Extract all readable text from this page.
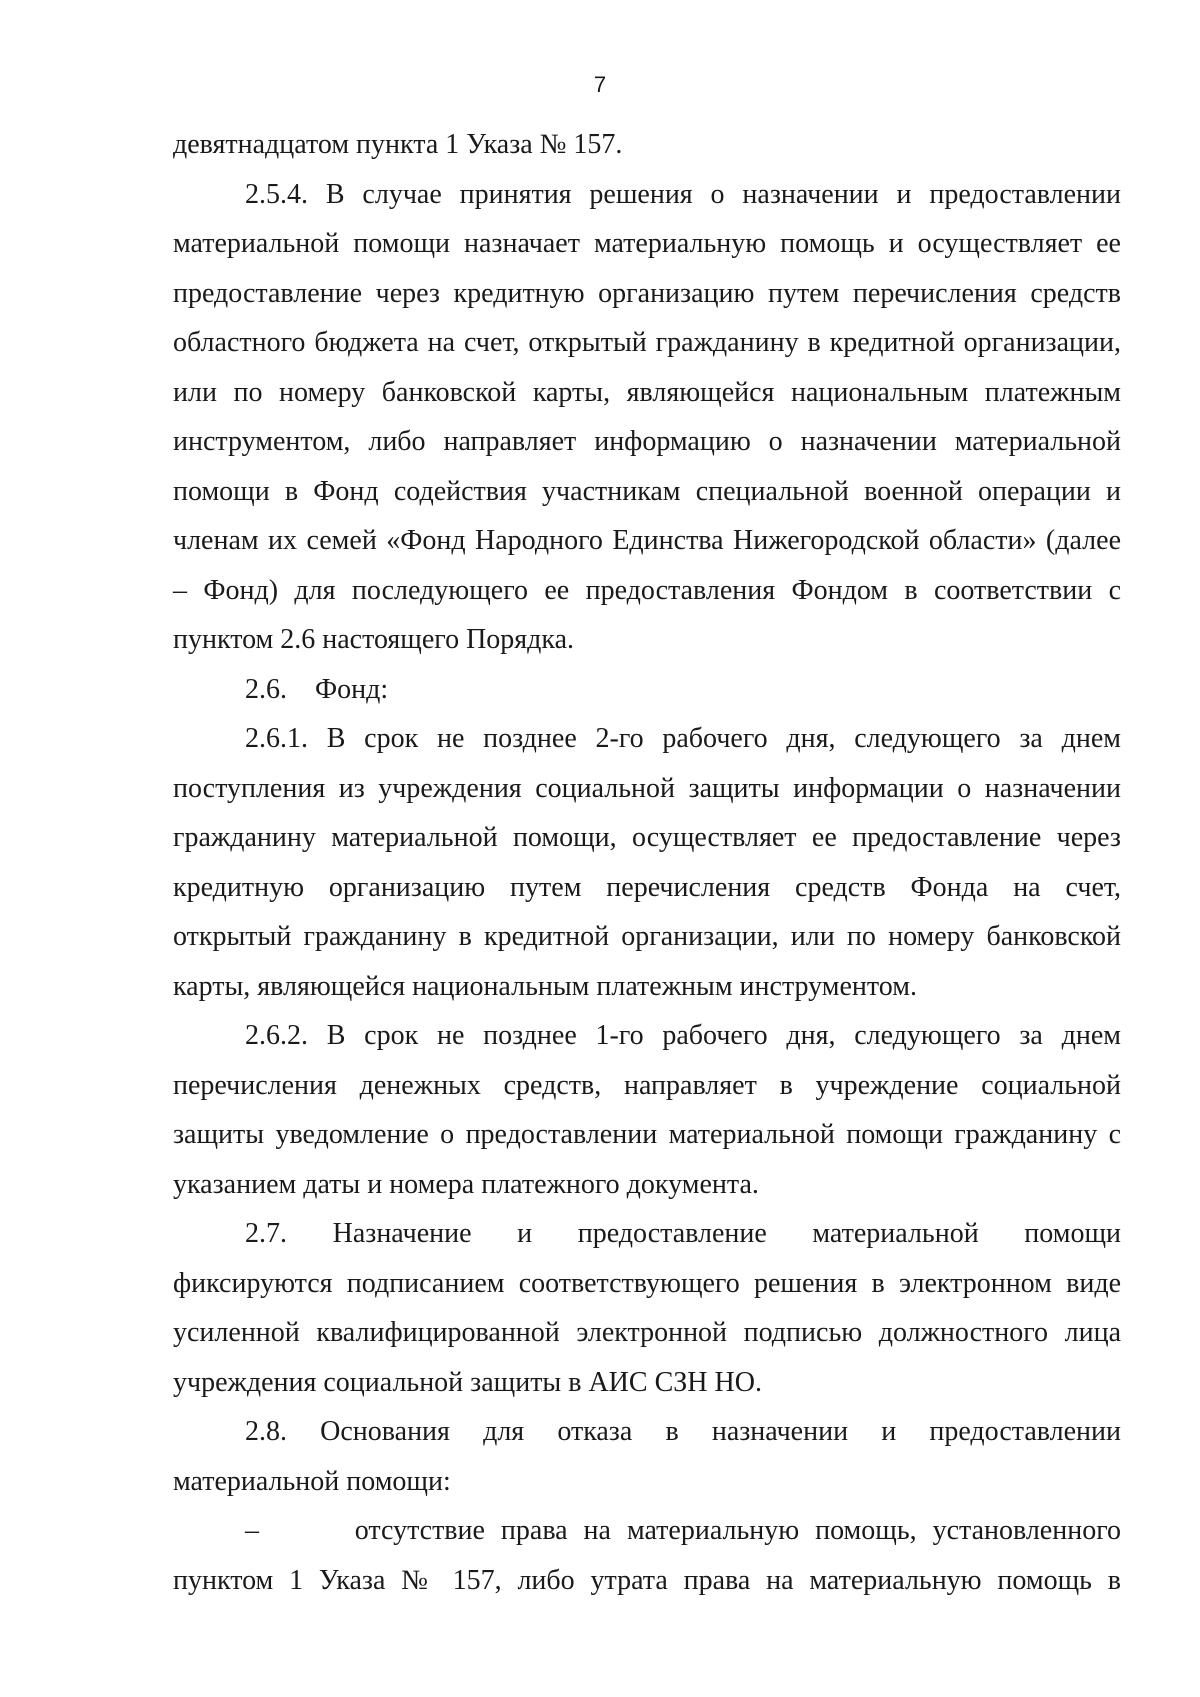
7
девятнадцатом пункта 1 Указа № 157.
2.5.4. В случае принятия решения о назначении и предоставлении
материальной помощи назначает материальную помощь и осуществляет ее
предоставление через кредитную организацию путем перечисления средств
областного бюджета на счет, открытый гражданину в кредитной организации,
или по номеру банковской карты, являющейся национальным платежным
инструментом, либо направляет информацию о назначении материальной
помощи в Фонд содействия участникам специальной военной операции и
членам их семей «Фонд Народного Единства Нижегородской области» (далее
– Фонд) для последующего ее предоставления Фондом в соответствии с
пунктом 2.6 настоящего Порядка.
2.6.    Фонд:
2.6.1. В срок не позднее 2-го рабочего дня, следующего за днем
поступления из учреждения социальной защиты информации о назначении
гражданину материальной помощи, осуществляет ее предоставление через
кредитную организацию путем перечисления средств Фонда на счет,
открытый гражданину в кредитной организации, или по номеру банковской
карты, являющейся национальным платежным инструментом.
2.6.2. В срок не позднее 1-го рабочего дня, следующего за днем
перечисления денежных средств, направляет в учреждение социальной
защиты уведомление о предоставлении материальной помощи гражданину с
указанием даты и номера платежного документа.
2.7. Назначение и предоставление материальной помощи
фиксируются подписанием соответствующего решения в электронном виде
усиленной квалифицированной электронной подписью должностного лица
учреждения социальной защиты в АИС СЗН НО.
2.8. Основания для отказа в назначении и предоставлении
материальной помощи:
–      отсутствие права на материальную помощь, установленного
пунктом 1 Указа № 157, либо утрата права на материальную помощь в
